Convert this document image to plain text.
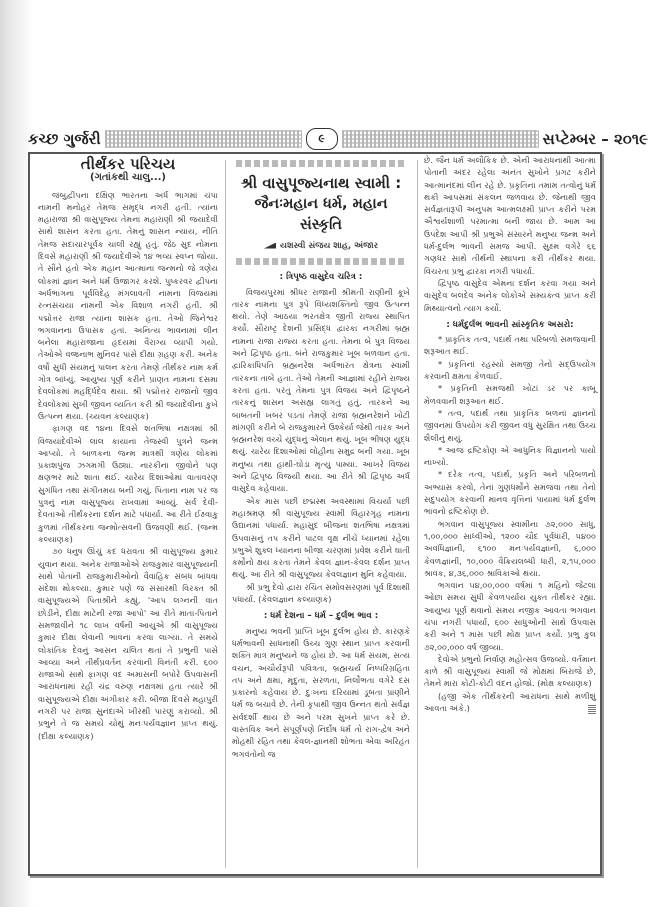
કચ્છ ગુર્જરી	૯	સપ્ટેમ્બર – ૨૦૧૯
તીર્થંકર પરિચય
(ગતાંકથી ચાલુ...)

જંબુદ્વીપના દક્ષિણ ભારતના અર્ધ ભાગમાં ચંપા નામની મનોહર તેમજ સમૃદ્ધ નગરી હતી. ત્યાંના મહારાજા શ્રી વાસુપૂજ્ય તેમના મહારાણી શ્રી જયાદેવી સાથે શાસન કરતા હતા. તેમનું શાસન ન્યાય, નીતિ તેમજ સદાચારપૂર્વક ચાલી રહ્યું હતું. જેઠ સુદ નોમના દિવસે મહારાણી શ્રી જયાદેવીએ ૧૪ ભવ્ય સ્વપ્ન જોયા. તે સૌને હતો એક મહાન આત્માના જન્મનો જે ત્રણેય લોકમાં જ્ઞાન અને ધર્મ ઉજાગર કરશે. પુષ્કરવર દ્વીપના અર્ધભાગના પૂર્વવિદેહ મંગલાવતી નામના વિજયમાં રત્નસંચયા નામની એક વિશાળ નગરી હતી. શ્રી પદ્મોત્તર રાજા ત્યાંના શાસક હતા. તેઓ જિનેશ્વર ભગવાનના ઉપાસક હતાં. અનિત્ય ભાવનામાં લીન બનેલા મહારાજાના હૃદયમાં વૈરાગ્ય વ્યાપી ગયો. તેઓએ વજ્રનાભ મુનિવર પાસે દીક્ષા ગ્રહણ કરી. અનેક વર્ષો સુધી સંયમનું પાલન કરતા તેમણે તીર્થંકર નામ કર્મ ગોત્ર બાંધ્યું. આયુષ્ય પૂર્ણ કરીને પ્રાણત નામના દસમા દેવલોકમાં મહર્દ્ધિદેવ થયા. શ્રી પદ્મોત્તર રાજાનો જીવ દેવલોકમાં સુખી જીવન વ્યતિત કરી શ્રી જયાદેવીના કુખે ઉત્પન્ન થયા. (ચ્યવન કલ્યાણક)

ફાગણ વદ ૧૪ના દિવસે શતભિષા નક્ષત્રમાં શ્રી વિજયાદેવીએ લાલ કાયાના તેજસ્વી પુત્રને જન્મ આપ્યો. તે બાળકના જન્મ માત્રથી ત્રણેય લોકમાં પ્રકાશપુંજ ઝગમગી ઉઠ્યા. નારકીના જીવોને પણ ક્ષણભર માટે શાતા થઈ. ચારેય દિશાઓમાં વાતાવરણ સુગંધિત તથા સંગીતમય બની ગયું. પિતાના નામ પર જ પુત્રનું નામ વાસુપૂજ્ય રાખવામાં આવ્યું. સર્વ દેવી-દેવતાઓ તીર્થંકરના દર્શન માટે પધાર્યા. આ રીતે ઈક્ષ્વાકુ કુળમાં તીર્થંકરના જન્મોત્સવની ઉજવણી થઈ. (જન્મ કલ્યાણક)

૭૦ ધનુષ ઊંચું કદ ધરાવતા શ્રી વાસુપૂજ્ય કુમાર યુવાન થયા. અનેક રાજાઓએ રાજકુમાર વાસુપૂજ્યની સાથે પોતાની રાજકુમારીઓનો વૈવાહિક સંબંધ બાંધવા સંદેશા મોકલ્યા. કુમાર પણે જ સંસારથી વિરક્ત શ્રી વાસુપૂજ્યએ પિતાશ્રીને કહ્યું, 'આપ લગ્નની વાત છોડીને, દીક્ષા માટેની રજા આપો' આ રીતે માતા-પિતાને સમજાવીને ૧૮ લાખ વર્ષની આયુએ શ્રી વાસુપૂજ્ય કુમાર દીક્ષા લેવાની ભાવના કરવા લાગ્યા. તે સમયે લોકાંતિક દેવનું આસન ચલિત થતાં તે પ્રભુની પાસે આવ્યા અને તીર્થપ્રવર્તન કરવાની વિનંતી કરી. ૬૦૦ રાજાઓ સાથે ફાગણ વદ અમાસની બપોરે ઉપવાસની આરાધનામાં રહી ચંદ્ર વરુણ નક્ષત્રમાં હતા ત્યારે શ્રી વાસુપૂજ્યએ દીક્ષા અંગીકાર કરી. બીજા દિવસે મહાપુરી નગરી પર રાજા સુનંદાએ ખીરથી પારણું કરાવ્યો. શ્રી પ્રભુને તે જ સમયે ચોથું મનઃપર્યવજ્ઞાન પ્રાપ્ત થયું. (દીક્ષા કલ્યાણક)

શ્રી વાસુપૂજ્યનાથ સ્વામી :
જૈનઃમહાન ધર્મ, મહાન સંસ્કૃતિ
યશસ્વી સંજય શાહ, અંજાર
: ત્રિપૃષ્ઠ વાસુદેવ ચરિત્ર :

વિજયપુરમાં શ્રીધર રાજાની શ્રીમતી રાણીની કૂખે તારક નામના પુત્ર રૂપે વિંધ્યશક્તિનો જીવ ઉત્પન્ન થયો. તેણે આઠયા ભરતક્ષેત્ર જીતી રાજ્ય સ્થાપિત કર્યો. સૌરાષ્ટ્ર દેશની પ્રસિદ્ધ દ્વારકા નગરીમાં બ્રહ્મ નામના રાજા રાજ્ય કરતા હતા. તેમના બે પુત્ર વિજય અને દ્વિપૃષ્ઠ હતા. બંને રાજકુમાર ખૂબ બળવાન હતા. દ્વારિકાધિપતિ બ્રહ્મનરેશ અર્ધભારત ક્ષેત્રના સ્વામી તારકના તાબે હતા. તેઓ તેમની આજ્ઞામાં રહીને રાજ્ય કરતા હતા. પરંતુ તેમના પુત્ર વિજય અને દ્વિપૃષ્ઠને તારકનું શાસન અસહ્ય લાગતું હતું. તારકને આ બાબતની ખબર પડતાં તેમણે રાજા બ્રહ્મનરેશને ખોટી માંગણી કરીને બે રાજકુમારને ઉશ્કેર્યા જેથી તારક અને બ્રહ્મનરેશ વચ્ચે યુદ્ધનું એલાન થયું. ખૂબ ભીષણ યુદ્ધ થયું. ચારેય દિશાઓમાં લોહીના સમુદ્ર બની ગયા. ખૂબ મનુષ્ય તથા હાથી-ઘોડા મૃત્યુ પામ્યા. આખરે વિજય અને દ્વિપૃષ્ઠ વિજયી થયા. આ રીતે શ્રી દ્વિપૃષ્ઠ અર્ધ વાસુદેવ કહેવાયા.

એક માસ પછી છદ્મસ્થ અવસ્થામાં વિચર્યા પછી મહાશ્રમણ શ્રી વાસુપૂજ્ય સ્વામી વિહારગૃહ નામના ઉદ્યાનમાં પધાર્યા. મહાસુદ બીજના શતભિષા નક્ષત્રમાં ઉપવાસનું તપ કરીને પાટલ વૃક્ષ નીચે ધ્યાનમાં રહેલા પ્રભુએ શુક્લ ધ્યાનના બીજા ચરણમાં પ્રવેશ કરીને ઘાતી કર્મોનો ક્ષય કરતા તેમને કેવલ જ્ઞાન-કેવલ દર્શન પ્રાપ્ત થયું. આ રીતે શ્રી વાસુપૂજ્ય કેવલજ્ઞાન મુનિ કહેવાયા.

શ્રી પ્રભુ દેવો દ્વારા રચિત સમોવસરણમાં પૂર્વ દિશાથી પધાર્યા. (કેવલજ્ઞાન કલ્યાણક)

: ધર્મ દેશના – ધર્મ – દુર્લભ ભાવ :

મનુષ્ય ભવની પ્રાપ્તિ ખૂબ દુર્લભ હોય છે. કારણકે ધર્મભાવની સાધનાથી ઉચ્ચ ગુણ સ્થાન પ્રાપ્ત કરવાની શક્તિ માત્ર મનુષ્યને જ હોય છે. આ ધર્મ સંયમ, સત્ય વચન, અચૌર્યરૂપી પવિત્રતા, બ્રહ્મચર્ય નિષ્પરિગ્રહિતા તપ અને ક્ષમા, મૃદુતા, સરળતા, નિર્લોભતા વગેરે દસ પ્રકારનો કહેવાય છે. દુઃખના દરિયામાં ડૂબતા પ્રાણીને ધર્મ જ બચાવે છે. તેની કૃપાથી જીવ ઉન્નત થતો સર્વજ્ઞ સર્વદર્શી થાય છે અને પરમ સુખને પ્રાપ્ત કરે છે. વાસ્તવિક અને સંપૂર્ણપણે નિર્દોષ ધર્મ તો રાગ-દ્વેષ અને મોહથી રહિત તથા કેવલ-જ્ઞાનથી શોભતા એવા અરિહંત ભગવંતોનો જ

છે. જૈન ધર્મ અલૌકિક છે. એની આરાધનાથી આત્મા પોતાની અંદર રહેલા અનંત સુખોને પ્રગટ કરીને આત્માનંદમાં લીન રહે છે. પ્રકૃતિના તમામ તત્વોનું ધર્મ થકી આપસમાં સંકલન જળવાય છે. જેનાથી જીવ સર્વજ્ઞતારૂપી અનુપમ આત્મલક્ષ્મી પ્રાપ્ત કરીને પરમ ઐશ્વર્યશાળી પરમાત્મા બની જાય છે. આમ આ ઉપદેશ આપી શ્રી પ્રભુએ સંસારને મનુષ્ય જન્મ અને ધર્મ-દુર્લભ ભાવની સમજ આપી. સુક્ષ્મ વગેરે ૬૬ ગણધર સાથે તીર્થની સ્થાપના કરી તીર્થંકર થયા. વિચરતા પ્રભુ દ્વારકા નગરી પધાર્યા.

દ્વિપૃષ્ઠ વાસુદેવ એમના દર્શન કરવા ગયા અને વાસુદેવ બલદેવ અનેક લોકોએ સમ્યક્ત્વ પ્રાપ્ત કરી મિથ્યાત્વનો ત્યાગ કર્યો.

: ધર્મદુર્લભ ભાવની સાંસ્કૃતિક અસરો:

* પ્રાકૃતિક તત્વ, પદાર્થ તથા પરિબળો સમજવાની શરૂઆત થઈ.

* પ્રકૃતિનાં રહસ્યો સમજી તેનો સદ્ઉપયોગ કરવાની ક્ષમતા કેળવાઈ.

* પ્રકૃતિની સમજથી ખોટાં ડર પર કાબૂ મેળવવાની શરૂઆત થઈ.

* તત્વ, પદાર્થ તથા પ્રાકૃતિક બળનાં જ્ઞાનનો જીવનમાં ઉપયોગ કરી જીવન વધુ સુરક્ષિત તથા ઉચ્ચ શૈલીનું થયું.

* આજ દ્રષ્ટિકોણ એ આધુનિક વિજ્ઞાનનો પાયો નાખ્યો.

* દરેક તત્વ, પદાર્થ, પ્રકૃતિ અને પરિબળનો અભ્યાસ કરવો, તેનાં ગુણધર્મોને સમજવા તથા તેનો સદુપયોગ કરવાની માનવ વૃત્તિનાં પાયામાં ધર્મ દુર્લભ ભાવનો દ્રષ્ટિકોણ છે.

ભગવાન વાસુપૂજ્ય સ્વામીના ૭૨,૦૦૦ સાધુ, ૧,૦૦,૦૦૦ સાધ્વીઓ, ૧૨૦૦ ચૌદ પૂર્વધારી, ૫૪૦૦ અવધિજ્ઞાની, ૬૧૦૦ મનઃપર્યવજ્ઞાની, ૬,૦૦૦ કેવળજ્ઞાની, ૧૦,૦૦૦ વૈક્રિયલબ્ધી ધારી, ૨,૧૫,૦૦૦ શ્રાવક, ૪,૩૬,૦૦૦ શ્રાવિકાઓ થયા.

ભગવાન ૫૪,૦૦,૦૦૦ વર્ષમાં ૧ મહિનો જેટલા ઓછા સમય સુધી કેવળપર્યાય યુક્ત તીર્થંકર રહ્યા. આયુષ્ય પૂર્ણ થવાનો સમય નજીક આવતા ભગવાન ચંપા નગરી પધાર્યા, ૬૦૦ સાધુઓની સાથે ઉપવાસ કરી અને ૧ માસ પછી મોક્ષ પ્રાપ્ત કર્યો. પ્રભુ કુલ ૭૨,૦૦,૦૦૦ વર્ષ જીવ્યા.

દેવોએ પ્રભુનો નિર્વાણ મહોત્સવ ઉજવ્યો. વર્તમાન કાળે શ્રી વાસુપૂજ્ય સ્વામી જે મોક્ષમાં બિરાજે છે, તેમને મારા કોટી-કોટી વંદન હોજો. (મોક્ષ કલ્યાણક)

(હજી એક તીર્થંકરની આરાધના સાથે મળીશું આવતા અંકે.)
